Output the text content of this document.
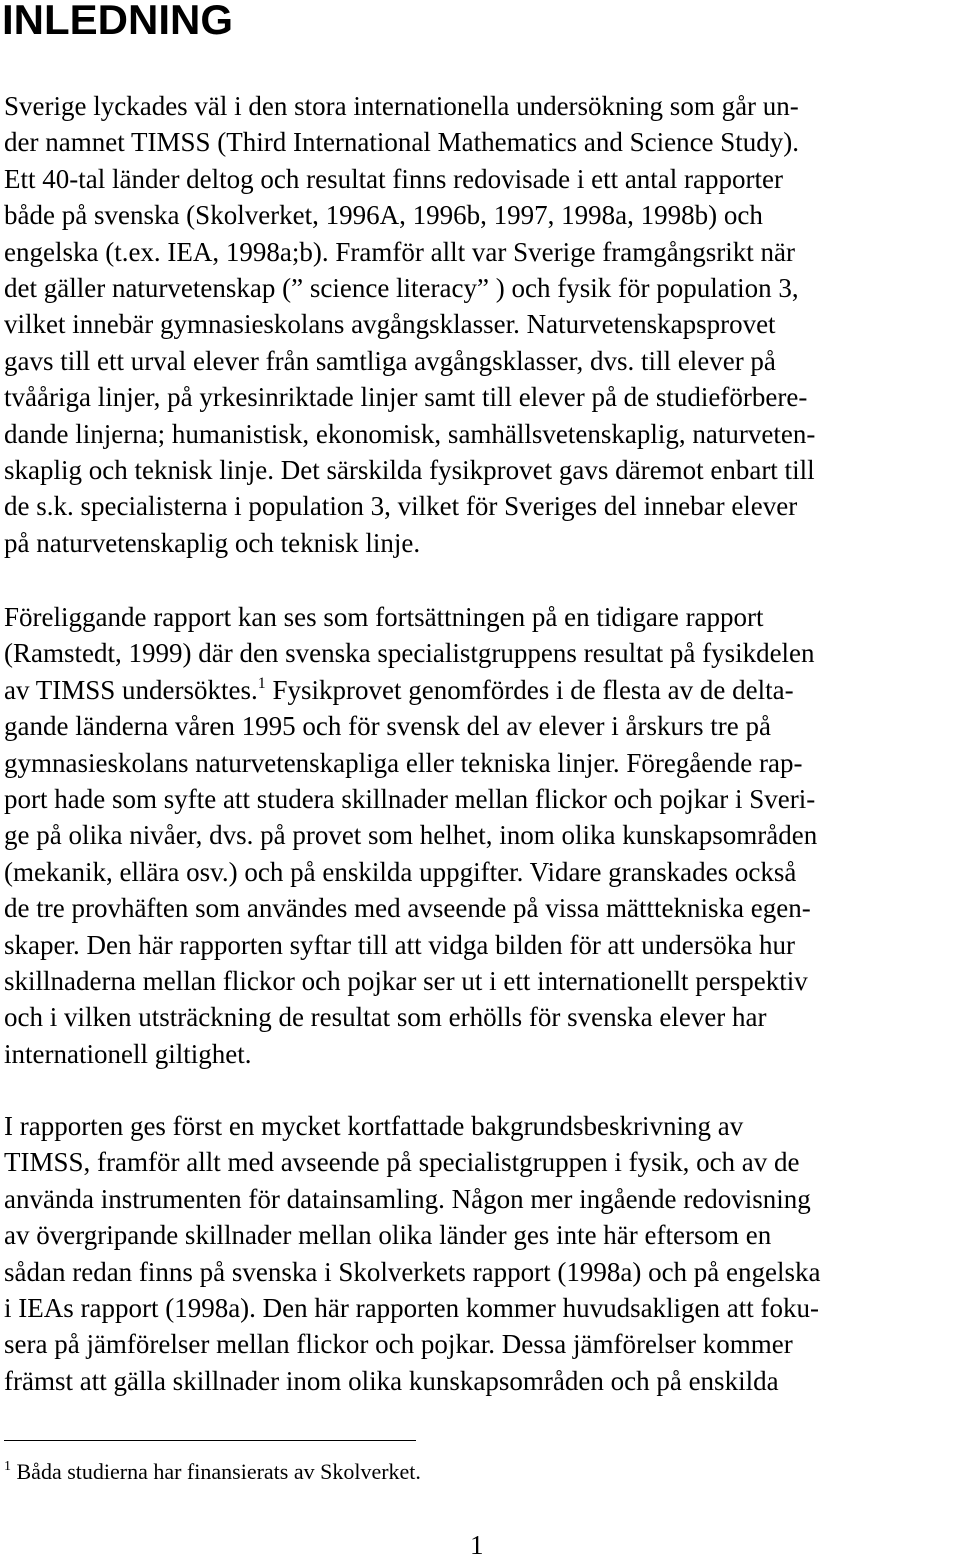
INLEDNING

Sverige lyckades väl i den stora internationella undersökning som går un-
der namnet TIMSS (Third International Mathematics and Science Study).
Ett 40-tal länder deltog och resultat finns redovisade i ett antal rapporter
både på svenska (Skolverket, 1996A, 1996b, 1997, 1998a, 1998b) och
engelska (t.ex. IEA, 1998a;b). Framför allt var Sverige framgångsrikt när
det gäller naturvetenskap (” science literacy” ) och fysik för population 3,
vilket innebär gymnasieskolans avgångsklasser. Naturvetenskapsprovet
gavs till ett urval elever från samtliga avgångsklasser, dvs. till elever på
tvååriga linjer, på yrkesinriktade linjer samt till elever på de studieförbere-
dande linjerna; humanistisk, ekonomisk, samhällsvetenskaplig, naturveten-
skaplig och teknisk linje. Det särskilda fysikprovet gavs däremot enbart till
de s.k. specialisterna i population 3, vilket för Sveriges del innebar elever
på naturvetenskaplig och teknisk linje.

Föreliggande rapport kan ses som fortsättningen på en tidigare rapport
(Ramstedt, 1999) där den svenska specialistgruppens resultat på fysikdelen
av TIMSS undersöktes.$^1$ Fysikprovet genomfördes i de flesta av de delta-
gande länderna våren 1995 och för svensk del av elever i årskurs tre på
gymnasieskolans naturvetenskapliga eller tekniska linjer. Föregående rap-
port hade som syfte att studera skillnader mellan flickor och pojkar i Sveri-
ge på olika nivåer, dvs. på provet som helhet, inom olika kunskapsområden
(mekanik, ellära osv.) och på enskilda uppgifter. Vidare granskades också
de tre provhäften som användes med avseende på vissa mätttekniska egen-
skaper. Den här rapporten syftar till att vidga bilden för att undersöka hur
skillnaderna mellan flickor och pojkar ser ut i ett internationellt perspektiv
och i vilken utsträckning de resultat som erhölls för svenska elever har
internationell giltighet.

I rapporten ges först en mycket kortfattade bakgrundsbeskrivning av
TIMSS, framför allt med avseende på specialistgruppen i fysik, och av de
använda instrumenten för datainsamling. Någon mer ingående redovisning
av övergripande skillnader mellan olika länder ges inte här eftersom en
sådan redan finns på svenska i Skolverkets rapport (1998a) och på engelska
i IEAs rapport (1998a). Den här rapporten kommer huvudsakligen att foku-
sera på jämförelser mellan flickor och pojkar. Dessa jämförelser kommer
främst att gälla skillnader inom olika kunskapsområden och på enskilda

$^1$ Båda studierna har finansierats av Skolverket.

1
